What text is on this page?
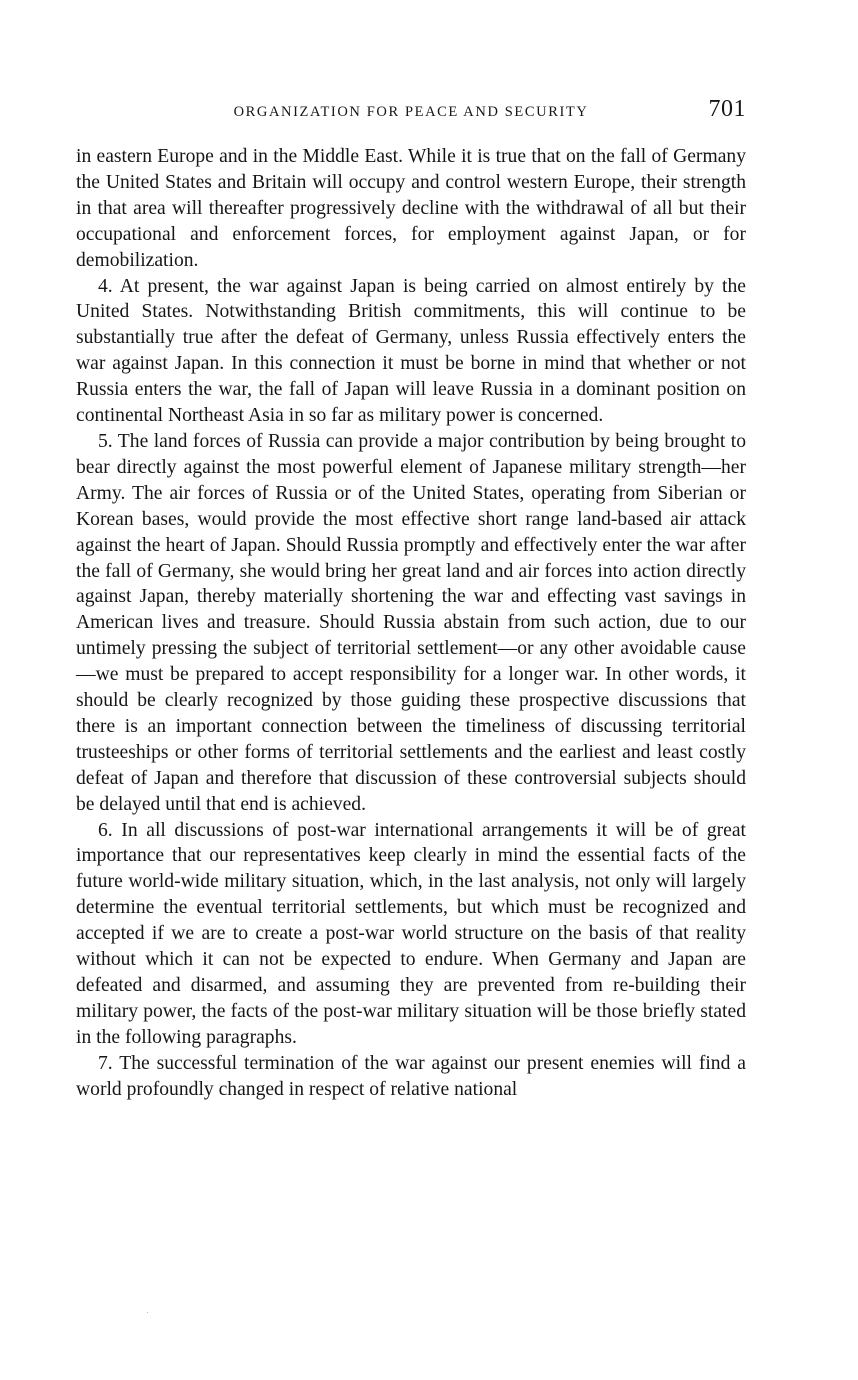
ORGANIZATION FOR PEACE AND SECURITY	701

in eastern Europe and in the Middle East. While it is true that on the fall of Germany the United States and Britain will occupy and control western Europe, their strength in that area will thereafter progressively decline with the withdrawal of all but their occupational and enforcement forces, for employment against Japan, or for demobilization.

4. At present, the war against Japan is being carried on almost entirely by the United States. Notwithstanding British commitments, this will continue to be substantially true after the defeat of Germany, unless Russia effectively enters the war against Japan. In this connection it must be borne in mind that whether or not Russia enters the war, the fall of Japan will leave Russia in a dominant position on continental Northeast Asia in so far as military power is concerned.

5. The land forces of Russia can provide a major contribution by being brought to bear directly against the most powerful element of Japanese military strength—her Army. The air forces of Russia or of the United States, operating from Siberian or Korean bases, would provide the most effective short range land-based air attack against the heart of Japan. Should Russia promptly and effectively enter the war after the fall of Germany, she would bring her great land and air forces into action directly against Japan, thereby materially shortening the war and effecting vast savings in American lives and treasure. Should Russia abstain from such action, due to our untimely pressing the subject of territorial settlement—or any other avoidable cause—we must be prepared to accept responsibility for a longer war. In other words, it should be clearly recognized by those guiding these prospective discussions that there is an important connection between the timeliness of discussing territorial trusteeships or other forms of territorial settlements and the earliest and least costly defeat of Japan and therefore that discussion of these controversial subjects should be delayed until that end is achieved.

6. In all discussions of post-war international arrangements it will be of great importance that our representatives keep clearly in mind the essential facts of the future world-wide military situation, which, in the last analysis, not only will largely determine the eventual territorial settlements, but which must be recognized and accepted if we are to create a post-war world structure on the basis of that reality without which it can not be expected to endure. When Germany and Japan are defeated and disarmed, and assuming they are prevented from re-building their military power, the facts of the post-war military situation will be those briefly stated in the following paragraphs.

7. The successful termination of the war against our present enemies will find a world profoundly changed in respect of relative national
